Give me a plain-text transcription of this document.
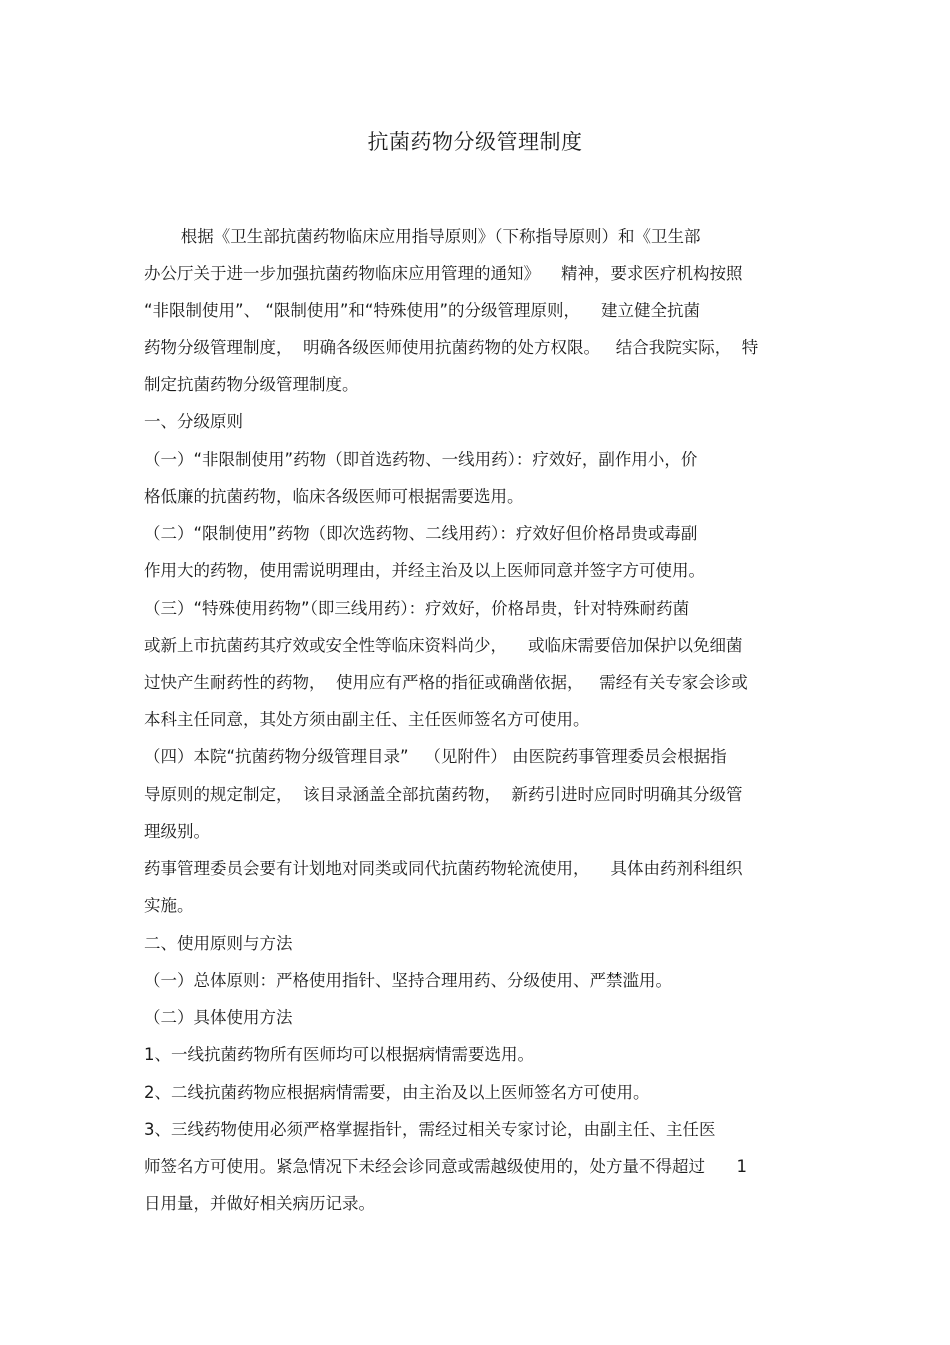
抗菌药物分级管理制度
根据《卫生部抗菌药物临床应用指导原则》（下称指导原则）和《卫生部
办公厅关于进一步加强抗菌药物临床应用管理的通知》    精神，要求医疗机构按照
“非限制使用”、 “限制使用”和“特殊使用”的分级管理原则，    建立健全抗菌
药物分级管理制度，  明确各级医师使用抗菌药物的处方权限。   结合我院实际，  特
制定抗菌药物分级管理制度。
一、分级原则
（一）“非限制使用”药物（即首选药物、一线用药）：疗效好，副作用小，价
格低廉的抗菌药物，临床各级医师可根据需要选用。
（二）“限制使用”药物（即次选药物、二线用药）：疗效好但价格昂贵或毒副
作用大的药物，使用需说明理由，并经主治及以上医师同意并签字方可使用。
（三）“特殊使用药物”（即三线用药）：疗效好，价格昂贵，针对特殊耐药菌
或新上市抗菌药其疗效或安全性等临床资料尚少，    或临床需要倍加保护以免细菌
过快产生耐药性的药物，  使用应有严格的指征或确凿依据，   需经有关专家会诊或
本科主任同意，其处方须由副主任、主任医师签名方可使用。
（四）本院“抗菌药物分级管理目录”   （见附件） 由医院药事管理委员会根据指
导原则的规定制定，  该目录涵盖全部抗菌药物，  新药引进时应同时明确其分级管
理级别。
药事管理委员会要有计划地对同类或同代抗菌药物轮流使用，    具体由药剂科组织
实施。
二、使用原则与方法
（一）总体原则：严格使用指针、坚持合理用药、分级使用、严禁滥用。
（二）具体使用方法
1、一线抗菌药物所有医师均可以根据病情需要选用。
2、二线抗菌药物应根据病情需要，由主治及以上医师签名方可使用。
3、三线药物使用必须严格掌握指针，需经过相关专家讨论，由副主任、主任医
师签名方可使用。紧急情况下未经会诊同意或需越级使用的，处方量不得超过      1
日用量，并做好相关病历记录。
